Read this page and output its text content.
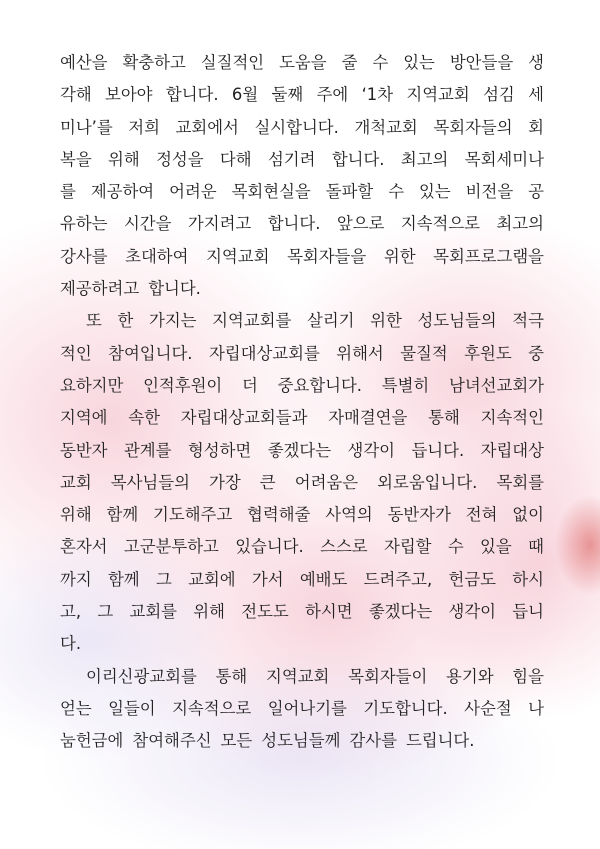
예산을 확충하고 실질적인 도움을 줄 수 있는 방안들을 생
각해 보아야 합니다. 6월 둘째 주에 ‘1차 지역교회 섬김 세
미나’를 저희 교회에서 실시합니다. 개척교회 목회자들의 회
복을 위해 정성을 다해 섬기려 합니다. 최고의 목회세미나
를 제공하여 어려운 목회현실을 돌파할 수 있는 비전을 공
유하는 시간을 가지려고 합니다. 앞으로 지속적으로 최고의
강사를 초대하여 지역교회 목회자들을 위한 목회프로그램을
제공하려고 합니다.
또 한 가지는 지역교회를 살리기 위한 성도님들의 적극
적인 참여입니다. 자립대상교회를 위해서 물질적 후원도 중
요하지만 인적후원이 더 중요합니다. 특별히 남녀선교회가
지역에 속한 자립대상교회들과 자매결연을 통해 지속적인
동반자 관계를 형성하면 좋겠다는 생각이 듭니다. 자립대상
교회 목사님들의 가장 큰 어려움은 외로움입니다. 목회를
위해 함께 기도해주고 협력해줄 사역의 동반자가 전혀 없이
혼자서 고군분투하고 있습니다. 스스로 자립할 수 있을 때
까지 함께 그 교회에 가서 예배도 드려주고, 헌금도 하시
고, 그 교회를 위해 전도도 하시면 좋겠다는 생각이 듭니
다.
이리신광교회를 통해 지역교회 목회자들이 용기와 힘을
얻는 일들이 지속적으로 일어나기를 기도합니다. 사순절 나
눔헌금에 참여해주신 모든 성도님들께 감사를 드립니다.
